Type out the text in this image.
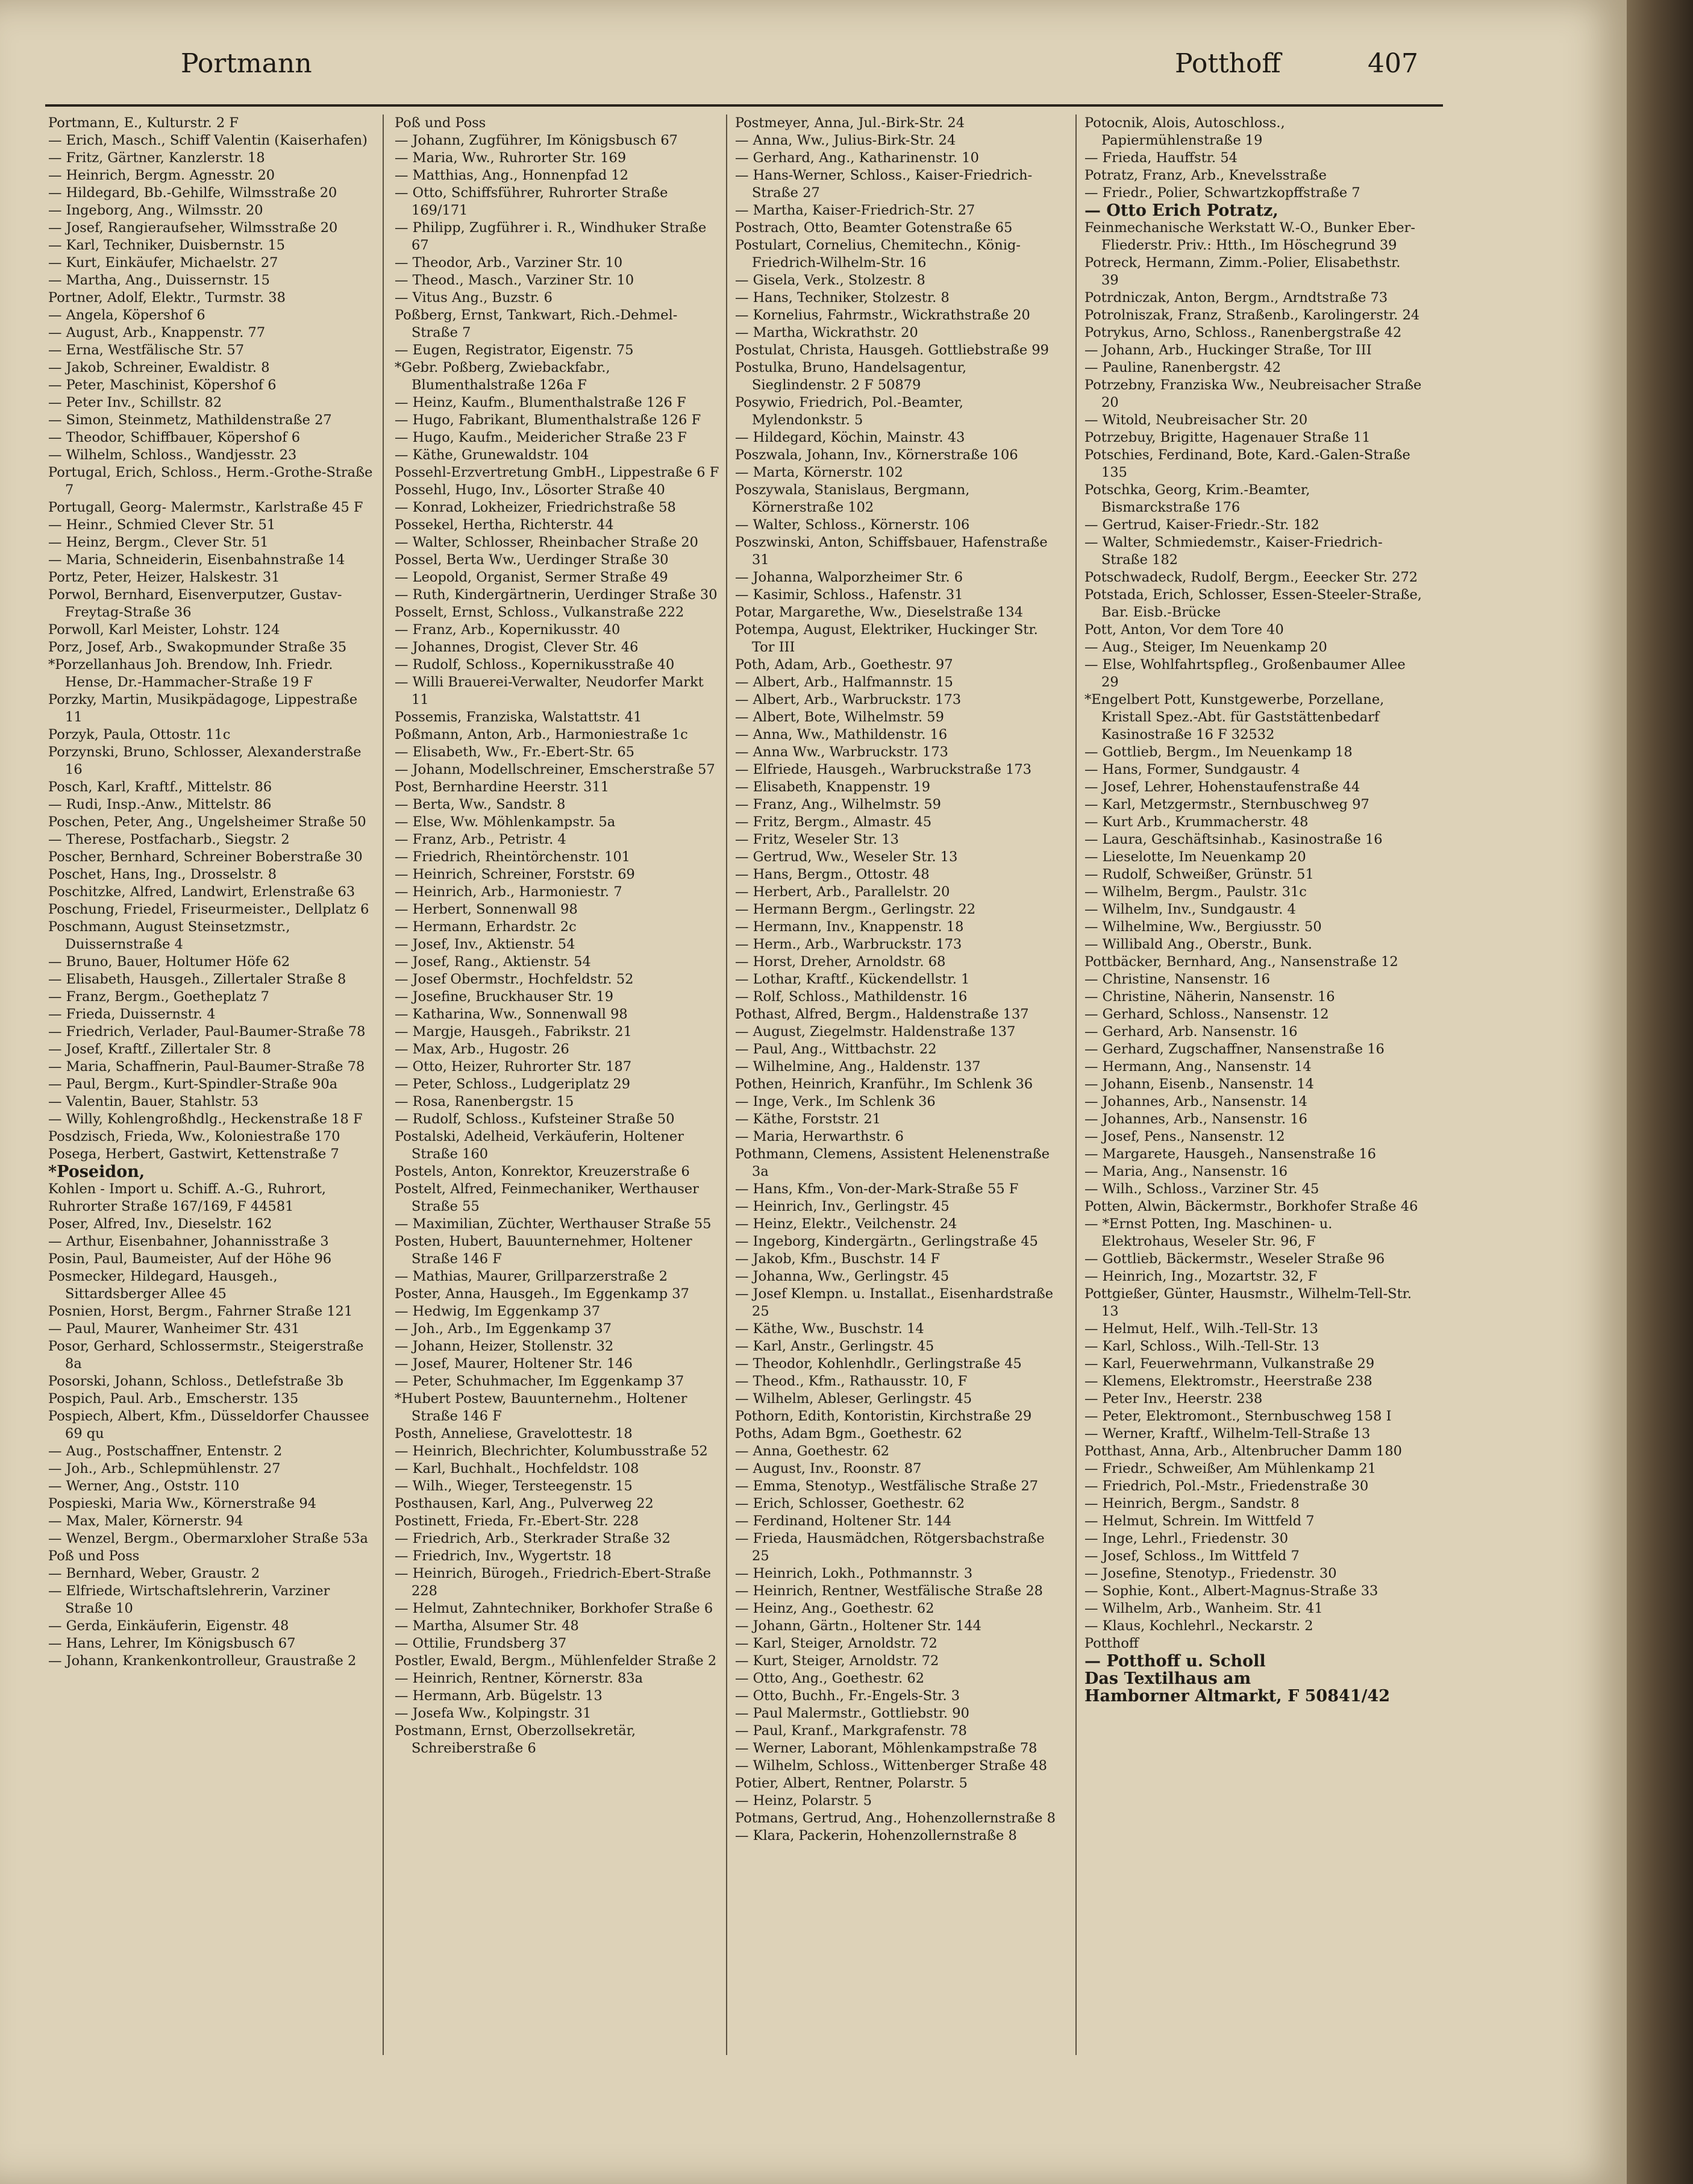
Portmann	Potthoff	407

Portmann, E., Kulturstr. 2 F

— Erich, Masch., Schiff Valentin (Kaiserhafen)

— Fritz, Gärtner, Kanzlerstr. 18

— Heinrich, Bergm. Agnesstr. 20

— Hildegard, Bb.-Gehilfe, Wilmsstraße 20

— Ingeborg, Ang., Wilmsstr. 20

— Josef, Rangieraufseher, Wilmsstraße 20

— Karl, Techniker, Duisbernstr. 15

— Kurt, Einkäufer, Michaelstr. 27

— Martha, Ang., Duissernstr. 15

Portner, Adolf, Elektr., Turmstr. 38

— Angela, Köpershof 6

— August, Arb., Knappenstr. 77

— Erna, Westfälische Str. 57

— Jakob, Schreiner, Ewaldistr. 8

— Peter, Maschinist, Köpershof 6

— Peter Inv., Schillstr. 82

— Simon, Steinmetz, Mathildenstraße 27

— Theodor, Schiffbauer, Köpershof 6

— Wilhelm, Schloss., Wandjesstr. 23

Portugal, Erich, Schloss., Herm.-Grothe-Straße 7

Portugall, Georg- Malermstr., Karlstraße 45 F

— Heinr., Schmied Clever Str. 51

— Heinz, Bergm., Clever Str. 51

— Maria, Schneiderin, Eisenbahnstraße 14

Portz, Peter, Heizer, Halskestr. 31

Porwol, Bernhard, Eisenverputzer, Gustav-Freytag-Straße 36

Porwoll, Karl Meister, Lohstr. 124

Porz, Josef, Arb., Swakopmunder Straße 35

*Porzellanhaus Joh. Brendow, Inh. Friedr. Hense, Dr.-Hammacher-Straße 19 F

Porzky, Martin, Musikpädagoge, Lippestraße 11

Porzyk, Paula, Ottostr. 11c

Porzynski, Bruno, Schlosser, Alexanderstraße 16

Posch, Karl, Kraftf., Mittelstr. 86

— Rudi, Insp.-Anw., Mittelstr. 86

Poschen, Peter, Ang., Ungelsheimer Straße 50

— Therese, Postfacharb., Siegstr. 2

Poscher, Bernhard, Schreiner Boberstraße 30

Poschet, Hans, Ing., Drosselstr. 8

Poschitzke, Alfred, Landwirt, Erlenstraße 63

Poschung, Friedel, Friseurmeister., Dellplatz 6

Poschmann, August Steinsetzmstr., Duissernstraße 4

— Bruno, Bauer, Holtumer Höfe 62

— Elisabeth, Hausgeh., Zillertaler Straße 8

— Franz, Bergm., Goetheplatz 7

— Frieda, Duissernstr. 4

— Friedrich, Verlader, Paul-Baumer-Straße 78

— Josef, Kraftf., Zillertaler Str. 8

— Maria, Schaffnerin, Paul-Baumer-Straße 78

— Paul, Bergm., Kurt-Spindler-Straße 90a

— Valentin, Bauer, Stahlstr. 53

— Willy, Kohlengroßhdlg., Heckenstraße 18 F

Posdzisch, Frieda, Ww., Koloniestraße 170

Posega, Herbert, Gastwirt, Kettenstraße 7

*Poseidon,

Kohlen - Import u. Schiff. A.-G., Ruhrort,

Ruhrorter Straße 167/169, F 44581

Poser, Alfred, Inv., Dieselstr. 162

— Arthur, Eisenbahner, Johannisstraße 3

Posin, Paul, Baumeister, Auf der Höhe 96

Posmecker, Hildegard, Hausgeh., Sittardsberger Allee 45

Posnien, Horst, Bergm., Fahrner Straße 121

— Paul, Maurer, Wanheimer Str. 431

Posor, Gerhard, Schlossermstr., Steigerstraße 8a

Posorski, Johann, Schloss., Detlefstraße 3b

Pospich, Paul. Arb., Emscherstr. 135

Pospiech, Albert, Kfm., Düsseldorfer Chaussee 69 qu

— Aug., Postschaffner, Entenstr. 2

— Joh., Arb., Schlepmühlenstr. 27

— Werner, Ang., Oststr. 110

Pospieski, Maria Ww., Körnerstraße 94

— Max, Maler, Körnerstr. 94

— Wenzel, Bergm., Obermarxloher Straße 53a

Poß und Poss

— Bernhard, Weber, Graustr. 2

— Elfriede, Wirtschaftslehrerin, Varziner Straße 10

— Gerda, Einkäuferin, Eigenstr. 48

— Hans, Lehrer, Im Königsbusch 67

— Johann, Krankenkontrolleur, Graustraße 2

Poß und Poss

— Johann, Zugführer, Im Königsbusch 67

— Maria, Ww., Ruhrorter Str. 169

— Matthias, Ang., Honnenpfad 12

— Otto, Schiffsführer, Ruhrorter Straße 169/171

— Philipp, Zugführer i. R., Windhuker Straße 67

— Theodor, Arb., Varziner Str. 10

— Theod., Masch., Varziner Str. 10

— Vitus Ang., Buzstr. 6

Poßberg, Ernst, Tankwart, Rich.-Dehmel-Straße 7

— Eugen, Registrator, Eigenstr. 75

*Gebr. Poßberg, Zwiebackfabr., Blumenthalstraße 126a F

— Heinz, Kaufm., Blumenthalstraße 126 F

— Hugo, Fabrikant, Blumenthalstraße 126 F

— Hugo, Kaufm., Meidericher Straße 23 F

— Käthe, Grunewaldstr. 104

Possehl-Erzvertretung GmbH., Lippestraße 6 F

Possehl, Hugo, Inv., Lösorter Straße 40

— Konrad, Lokheizer, Friedrichstraße 58

Possekel, Hertha, Richterstr. 44

— Walter, Schlosser, Rheinbacher Straße 20

Possel, Berta Ww., Uerdinger Straße 30

— Leopold, Organist, Sermer Straße 49

— Ruth, Kindergärtnerin, Uerdinger Straße 30

Posselt, Ernst, Schloss., Vulkanstraße 222

— Franz, Arb., Kopernikusstr. 40

— Johannes, Drogist, Clever Str. 46

— Rudolf, Schloss., Kopernikusstraße 40

— Willi Brauerei-Verwalter, Neudorfer Markt 11

Possemis, Franziska, Walstattstr. 41

Poßmann, Anton, Arb., Harmoniestraße 1c

— Elisabeth, Ww., Fr.-Ebert-Str. 65

— Johann, Modellschreiner, Emscherstraße 57

Post, Bernhardine Heerstr. 311

— Berta, Ww., Sandstr. 8

— Else, Ww. Möhlenkampstr. 5a

— Franz, Arb., Petristr. 4

— Friedrich, Rheintörchenstr. 101

— Heinrich, Schreiner, Forststr. 69

— Heinrich, Arb., Harmoniestr. 7

— Herbert, Sonnenwall 98

— Hermann, Erhardstr. 2c

— Josef, Inv., Aktienstr. 54

— Josef, Rang., Aktienstr. 54

— Josef Obermstr., Hochfeldstr. 52

— Josefine, Bruckhauser Str. 19

— Katharina, Ww., Sonnenwall 98

— Margje, Hausgeh., Fabrikstr. 21

— Max, Arb., Hugostr. 26

— Otto, Heizer, Ruhrorter Str. 187

— Peter, Schloss., Ludgeriplatz 29

— Rosa, Ranenbergstr. 15

— Rudolf, Schloss., Kufsteiner Straße 50

Postalski, Adelheid, Verkäuferin, Holtener Straße 160

Postels, Anton, Konrektor, Kreuzerstraße 6

Postelt, Alfred, Feinmechaniker, Werthauser Straße 55

— Maximilian, Züchter, Werthauser Straße 55

Posten, Hubert, Bauunternehmer, Holtener Straße 146 F

— Mathias, Maurer, Grillparzerstraße 2

Poster, Anna, Hausgeh., Im Eggenkamp 37

— Hedwig, Im Eggenkamp 37

— Joh., Arb., Im Eggenkamp 37

— Johann, Heizer, Stollenstr. 32

— Josef, Maurer, Holtener Str. 146

— Peter, Schuhmacher, Im Eggenkamp 37

*Hubert Postew, Bauunternehm., Holtener Straße 146 F

Posth, Anneliese, Gravelottestr. 18

— Heinrich, Blechrichter, Kolumbusstraße 52

— Karl, Buchhalt., Hochfeldstr. 108

— Wilh., Wieger, Tersteegenstr. 15

Posthausen, Karl, Ang., Pulverweg 22

Postinett, Frieda, Fr.-Ebert-Str. 228

— Friedrich, Arb., Sterkrader Straße 32

— Friedrich, Inv., Wygertstr. 18

— Heinrich, Bürogeh., Friedrich-Ebert-Straße 228

— Helmut, Zahntechniker, Borkhofer Straße 6

— Martha, Alsumer Str. 48

— Ottilie, Frundsberg 37

Postler, Ewald, Bergm., Mühlenfelder Straße 2

— Heinrich, Rentner, Körnerstr. 83a

— Hermann, Arb. Bügelstr. 13

— Josefa Ww., Kolpingstr. 31

Postmann, Ernst, Oberzollsekretär, Schreiberstraße 6

Postmeyer, Anna, Jul.-Birk-Str. 24

— Anna, Ww., Julius-Birk-Str. 24

— Gerhard, Ang., Katharinenstr. 10

— Hans-Werner, Schloss., Kaiser-Friedrich-Straße 27

— Martha, Kaiser-Friedrich-Str. 27

Postrach, Otto, Beamter Gotenstraße 65

Postulart, Cornelius, Chemitechn., König-Friedrich-Wilhelm-Str. 16

— Gisela, Verk., Stolzestr. 8

— Hans, Techniker, Stolzestr. 8

— Kornelius, Fahrmstr., Wickrathstraße 20

— Martha, Wickrathstr. 20

Postulat, Christa, Hausgeh. Gottliebstraße 99

Postulka, Bruno, Handelsagentur, Sieglindenstr. 2 F 50879

Posywio, Friedrich, Pol.-Beamter, Mylendonkstr. 5

— Hildegard, Köchin, Mainstr. 43

Poszwala, Johann, Inv., Körnerstraße 106

— Marta, Körnerstr. 102

Poszywala, Stanislaus, Bergmann, Körnerstraße 102

— Walter, Schloss., Körnerstr. 106

Poszwinski, Anton, Schiffsbauer, Hafenstraße 31

— Johanna, Walporzheimer Str. 6

— Kasimir, Schloss., Hafenstr. 31

Potar, Margarethe, Ww., Dieselstraße 134

Potempa, August, Elektriker, Huckinger Str. Tor III

Poth, Adam, Arb., Goethestr. 97

— Albert, Arb., Halfmannstr. 15

— Albert, Arb., Warbruckstr. 173

— Albert, Bote, Wilhelmstr. 59

— Anna, Ww., Mathildenstr. 16

— Anna Ww., Warbruckstr. 173

— Elfriede, Hausgeh., Warbruckstraße 173

— Elisabeth, Knappenstr. 19

— Franz, Ang., Wilhelmstr. 59

— Fritz, Bergm., Almastr. 45

— Fritz, Weseler Str. 13

— Gertrud, Ww., Weseler Str. 13

— Hans, Bergm., Ottostr. 48

— Herbert, Arb., Parallelstr. 20

— Hermann Bergm., Gerlingstr. 22

— Hermann, Inv., Knappenstr. 18

— Herm., Arb., Warbruckstr. 173

— Horst, Dreher, Arnoldstr. 68

— Lothar, Kraftf., Kückendellstr. 1

— Rolf, Schloss., Mathildenstr. 16

Pothast, Alfred, Bergm., Haldenstraße 137

— August, Ziegelmstr. Haldenstraße 137

— Paul, Ang., Wittbachstr. 22

— Wilhelmine, Ang., Haldenstr. 137

Pothen, Heinrich, Kranführ., Im Schlenk 36

— Inge, Verk., Im Schlenk 36

— Käthe, Forststr. 21

— Maria, Herwarthstr. 6

Pothmann, Clemens, Assistent Helenenstraße 3a

— Hans, Kfm., Von-der-Mark-Straße 55 F

— Heinrich, Inv., Gerlingstr. 45

— Heinz, Elektr., Veilchenstr. 24

— Ingeborg, Kindergärtn., Gerlingstraße 45

— Jakob, Kfm., Buschstr. 14 F

— Johanna, Ww., Gerlingstr. 45

— Josef Klempn. u. Installat., Eisenhardstraße 25

— Käthe, Ww., Buschstr. 14

— Karl, Anstr., Gerlingstr. 45

— Theodor, Kohlenhdlr., Gerlingstraße 45

— Theod., Kfm., Rathausstr. 10, F

— Wilhelm, Ableser, Gerlingstr. 45

Pothorn, Edith, Kontoristin, Kirchstraße 29

Poths, Adam Bgm., Goethestr. 62

— Anna, Goethestr. 62

— August, Inv., Roonstr. 87

— Emma, Stenotyp., Westfälische Straße 27

— Erich, Schlosser, Goethestr. 62

— Ferdinand, Holtener Str. 144

— Frieda, Hausmädchen, Rötgersbachstraße 25

— Heinrich, Lokh., Pothmannstr. 3

— Heinrich, Rentner, Westfälische Straße 28

— Heinz, Ang., Goethestr. 62

— Johann, Gärtn., Holtener Str. 144

— Karl, Steiger, Arnoldstr. 72

— Kurt, Steiger, Arnoldstr. 72

— Otto, Ang., Goethestr. 62

— Otto, Buchh., Fr.-Engels-Str. 3

— Paul Malermstr., Gottliebstr. 90

— Paul, Kranf., Markgrafenstr. 78

— Werner, Laborant, Möhlenkampstraße 78

— Wilhelm, Schloss., Wittenberger Straße 48

Potier, Albert, Rentner, Polarstr. 5

— Heinz, Polarstr. 5

Potmans, Gertrud, Ang., Hohenzollernstraße 8

— Klara, Packerin, Hohenzollernstraße 8

Potocnik, Alois, Autoschloss., Papiermühlenstraße 19

— Frieda, Hauffstr. 54

Potratz, Franz, Arb., Knevelsstraße

— Friedr., Polier, Schwartzkopffstraße 7

— Otto Erich Potratz,

Feinmechanische Werkstatt W.-O., Bunker Eber-Fliederstr. Priv.: Htth., Im Höschegrund 39

Potreck, Hermann, Zimm.-Polier, Elisabethstr. 39

Potrdniczak, Anton, Bergm., Arndtstraße 73

Potrolniszak, Franz, Straßenb., Karolingerstr. 24

Potrykus, Arno, Schloss., Ranenbergstraße 42

— Johann, Arb., Huckinger Straße, Tor III

— Pauline, Ranenbergstr. 42

Potrzebny, Franziska Ww., Neubreisacher Straße 20

— Witold, Neubreisacher Str. 20

Potrzebuy, Brigitte, Hagenauer Straße 11

Potschies, Ferdinand, Bote, Kard.-Galen-Straße 135

Potschka, Georg, Krim.-Beamter, Bismarckstraße 176

— Gertrud, Kaiser-Friedr.-Str. 182

— Walter, Schmiedemstr., Kaiser-Friedrich-Straße 182

Potschwadeck, Rudolf, Bergm., Eeecker Str. 272

Potstada, Erich, Schlosser, Essen-Steeler-Straße, Bar. Eisb.-Brücke

Pott, Anton, Vor dem Tore 40

— Aug., Steiger, Im Neuenkamp 20

— Else, Wohlfahrtspfleg., Großenbaumer Allee 29

*Engelbert Pott, Kunstgewerbe, Porzellane, Kristall Spez.-Abt. für Gaststättenbedarf Kasinostraße 16 F 32532

— Gottlieb, Bergm., Im Neuenkamp 18

— Hans, Former, Sundgaustr. 4

— Josef, Lehrer, Hohenstaufenstraße 44

— Karl, Metzgermstr., Sternbuschweg 97

— Kurt Arb., Krummacherstr. 48

— Laura, Geschäftsinhab., Kasinostraße 16

— Lieselotte, Im Neuenkamp 20

— Rudolf, Schweißer, Grünstr. 51

— Wilhelm, Bergm., Paulstr. 31c

— Wilhelm, Inv., Sundgaustr. 4

— Wilhelmine, Ww., Bergiusstr. 50

— Willibald Ang., Oberstr., Bunk.

Pottbäcker, Bernhard, Ang., Nansenstraße 12

— Christine, Nansenstr. 16

— Christine, Näherin, Nansenstr. 16

— Gerhard, Schloss., Nansenstr. 12

— Gerhard, Arb. Nansenstr. 16

— Gerhard, Zugschaffner, Nansenstraße 16

— Hermann, Ang., Nansenstr. 14

— Johann, Eisenb., Nansenstr. 14

— Johannes, Arb., Nansenstr. 14

— Johannes, Arb., Nansenstr. 16

— Josef, Pens., Nansenstr. 12

— Margarete, Hausgeh., Nansenstraße 16

— Maria, Ang., Nansenstr. 16

— Wilh., Schloss., Varziner Str. 45

Potten, Alwin, Bäckermstr., Borkhofer Straße 46

— *Ernst Potten, Ing. Maschinen- u. Elektrohaus, Weseler Str. 96, F

— Gottlieb, Bäckermstr., Weseler Straße 96

— Heinrich, Ing., Mozartstr. 32, F

Pottgießer, Günter, Hausmstr., Wilhelm-Tell-Str. 13

— Helmut, Helf., Wilh.-Tell-Str. 13

— Karl, Schloss., Wilh.-Tell-Str. 13

— Karl, Feuerwehrmann, Vulkanstraße 29

— Klemens, Elektromstr., Heerstraße 238

— Peter Inv., Heerstr. 238

— Peter, Elektromont., Sternbuschweg 158 I

— Werner, Kraftf., Wilhelm-Tell-Straße 13

Potthast, Anna, Arb., Altenbrucher Damm 180

— Friedr., Schweißer, Am Mühlenkamp 21

— Friedrich, Pol.-Mstr., Friedenstraße 30

— Heinrich, Bergm., Sandstr. 8

— Helmut, Schrein. Im Wittfeld 7

— Inge, Lehrl., Friedenstr. 30

— Josef, Schloss., Im Wittfeld 7

— Josefine, Stenotyp., Friedenstr. 30

— Sophie, Kont., Albert-Magnus-Straße 33

— Wilhelm, Arb., Wanheim. Str. 41

— Klaus, Kochlehrl., Neckarstr. 2

Potthoff

— Potthoff u. Scholl

Das Textilhaus am

Hamborner Altmarkt, F 50841/42
